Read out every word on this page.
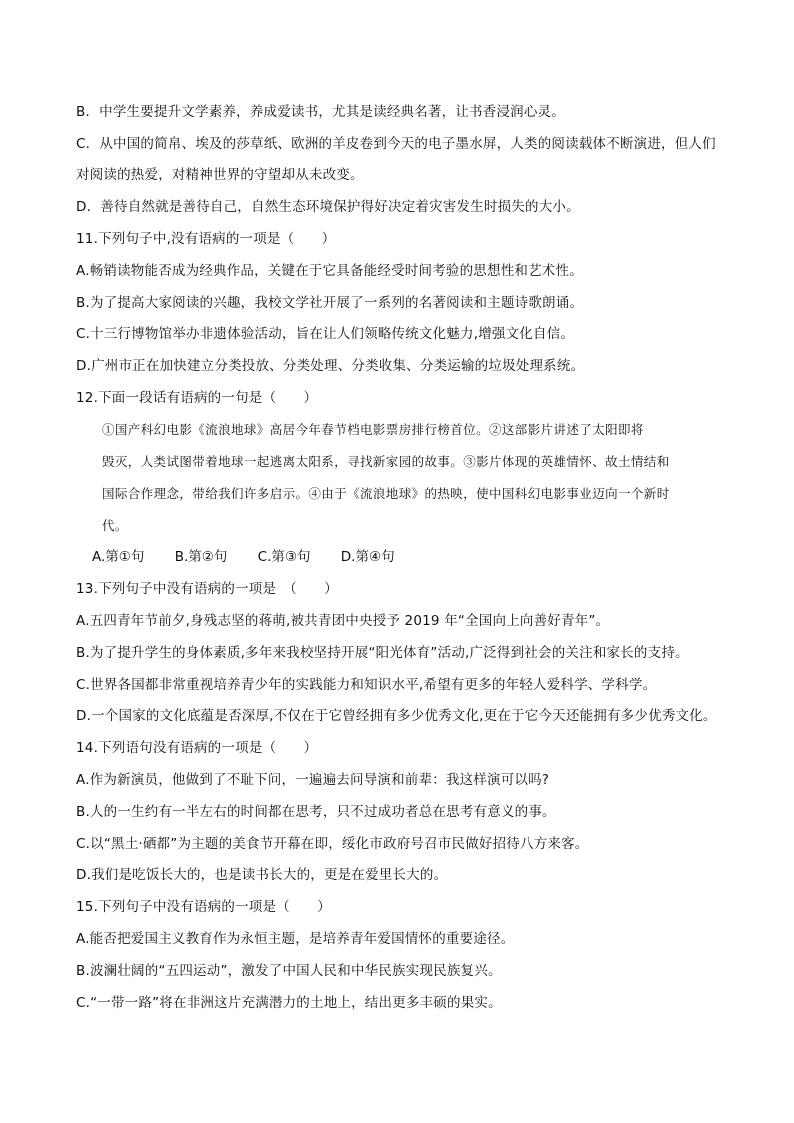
B．中学生要提升文学素养，养成爱读书，尤其是读经典名著，让书香浸润心灵。
C．从中国的简帛、埃及的莎草纸、欧洲的羊皮卷到今天的电子墨水屏，人类的阅读载体不断演进，但人们
对阅读的热爱，对精神世界的守望却从未改变。
D．善待自然就是善待自己，自然生态环境保护得好决定着灾害发生时损失的大小。
11.下列句子中,没有语病的一项是（　　）
A.畅销读物能否成为经典作品，关键在于它具备能经受时间考验的思想性和艺术性。
B.为了提高大家阅读的兴趣，我校文学社开展了一系列的名著阅读和主题诗歌朗诵。
C.十三行博物馆举办非遗体验活动，旨在让人们领略传统文化魅力,增强文化自信。
D.广州市正在加快建立分类投放、分类处理、分类收集、分类运输的垃圾处理系统。
12.下面一段话有语病的一句是（　　）
①国产科幻电影《流浪地球》高居今年春节档电影票房排行榜首位。②这部影片讲述了太阳即将
毁灭，人类试图带着地球一起逃离太阳系，寻找新家园的故事。③影片体现的英雄情怀、故土情结和
国际合作理念，带给我们许多启示。④由于《流浪地球》的热映，使中国科幻电影事业迈向一个新时
代。
A.第①句 B.第②句 C.第③句 D.第④句
13.下列句子中没有语病的一项是　（　　）
A.五四青年节前夕,身残志坚的蒋萌,被共青团中央授予 2019 年“全国向上向善好青年”。
B.为了提升学生的身体素质,多年来我校坚持开展“阳光体育”活动,广泛得到社会的关注和家长的支持。
C.世界各国都非常重视培养青少年的实践能力和知识水平,希望有更多的年轻人爱科学、学科学。
D.一个国家的文化底蕴是否深厚,不仅在于它曾经拥有多少优秀文化,更在于它今天还能拥有多少优秀文化。
14.下列语句没有语病的一项是（　　）
A.作为新演员，他做到了不耻下问，一遍遍去问导演和前辈：我这样演可以吗?
B.人的一生约有一半左右的时间都在思考，只不过成功者总在思考有意义的事。
C.以“黑土·硒都”为主题的美食节开幕在即，绥化市政府号召市民做好招待八方来客。
D.我们是吃饭长大的，也是读书长大的，更是在爱里长大的。
15.下列句子中没有语病的一项是（　　）
A.能否把爱国主义教育作为永恒主题，是培养青年爱国情怀的重要途径。
B.波澜壮阔的“五四运动”，激发了中国人民和中华民族实现民族复兴。
C.“一带一路”将在非洲这片充满潜力的土地上，结出更多丰硕的果实。
